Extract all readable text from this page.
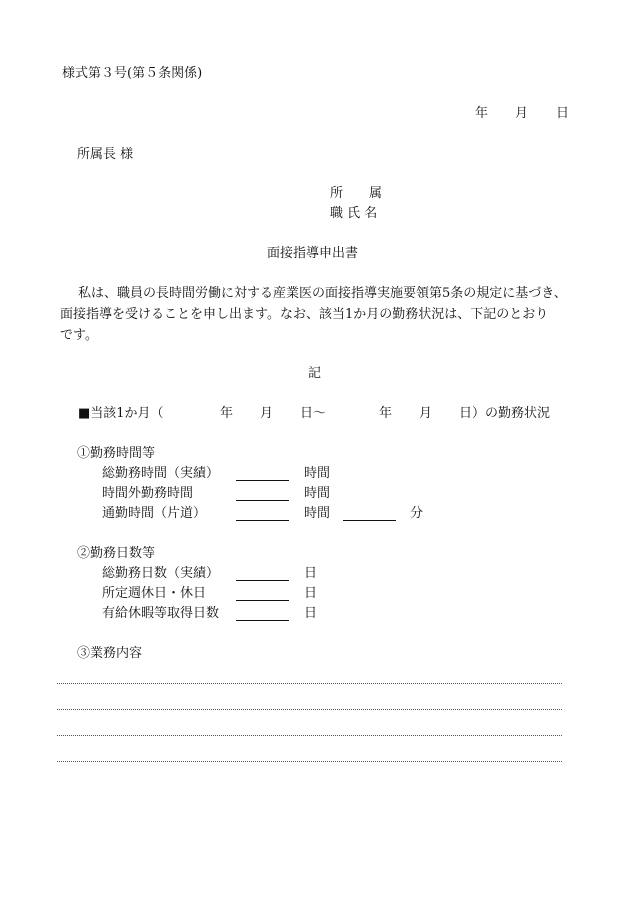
様式第３号(第５条関係)
年 月 日
所属長 様
所　　属
職 氏 名
面接指導申出書
私は、職員の長時間労働に対する産業医の面接指導実施要領第5条の規定に基づき、
面接指導を受けることを申し出ます。なお、該当1か月の勤務状況は、下記のとおり
です。
記
■当該1か月（	年 月 日〜	年 月 日）の勤務状況
①勤務時間等
総勤務時間（実績）	時間
時間外勤務時間	時間
通勤時間（片道）	時間	分
②勤務日数等
総勤務日数（実績）	日
所定週休日・休日	日
有給休暇等取得日数	日
③業務内容
